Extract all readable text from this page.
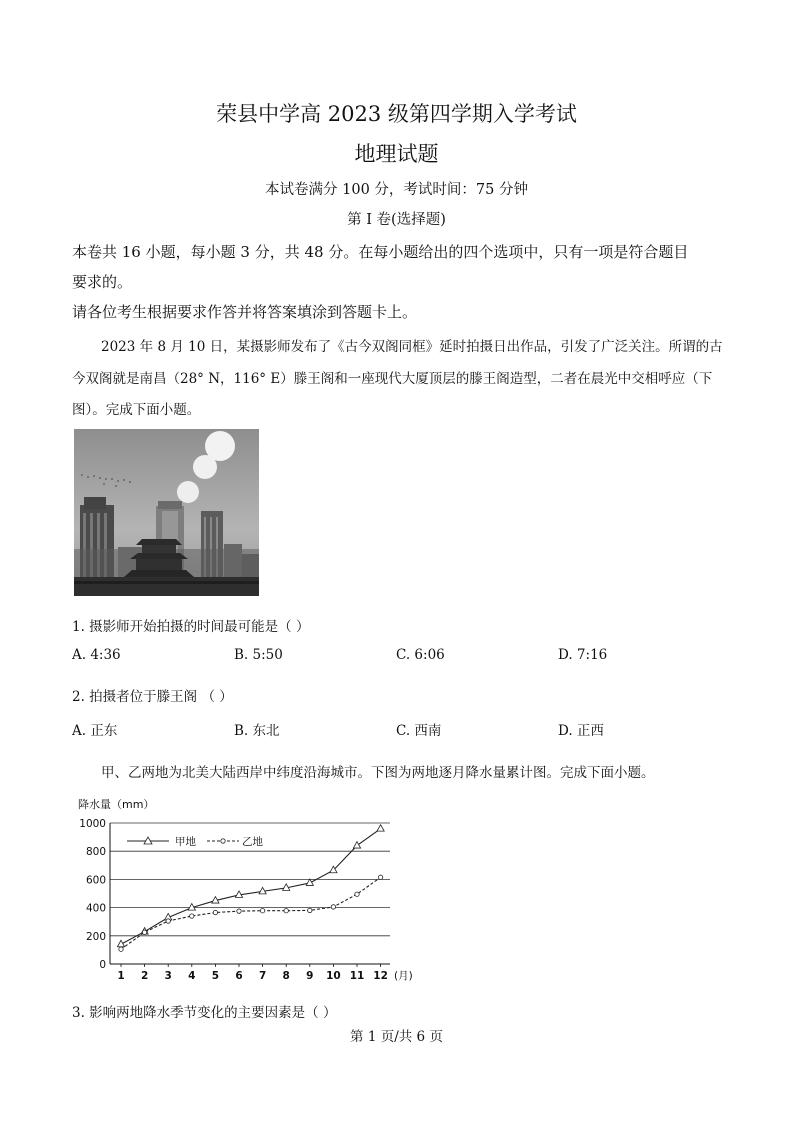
荣县中学高 2023 级第四学期入学考试
地理试题
本试卷满分 100 分，考试时间：75 分钟
第 I 卷(选择题)
本卷共 16 小题，每小题 3 分，共 48 分。在每小题给出的四个选项中，只有一项是符合题目
要求的。
请各位考生根据要求作答并将答案填涂到答题卡上。
2023 年 8 月 10 日，某摄影师发布了《古今双阁同框》延时拍摄日出作品，引发了广泛关注。所谓的古
今双阁就是南昌（28° N，116° E）滕王阁和一座现代大厦顶层的滕王阁造型，二者在晨光中交相呼应（下
图）。完成下面小题。
1. 摄影师开始拍摄的时间最可能是（ ）
A. 4:36	B. 5:50	C. 6:06	D. 7:16
2. 拍摄者位于滕王阁 （ ）
A. 正东	B. 东北	C. 西南	D. 正西
甲、乙两地为北美大陆西岸中纬度沿海城市。下图为两地逐月降水量累计图。完成下面小题。
降水量（mm）
0
200
400
600
800
1000
1 2 3 4 5 6 7 8 9 10 11 12
甲地	乙地
(月)
3. 影响两地降水季节变化的主要因素是（ ）
第 1 页/共 6 页
